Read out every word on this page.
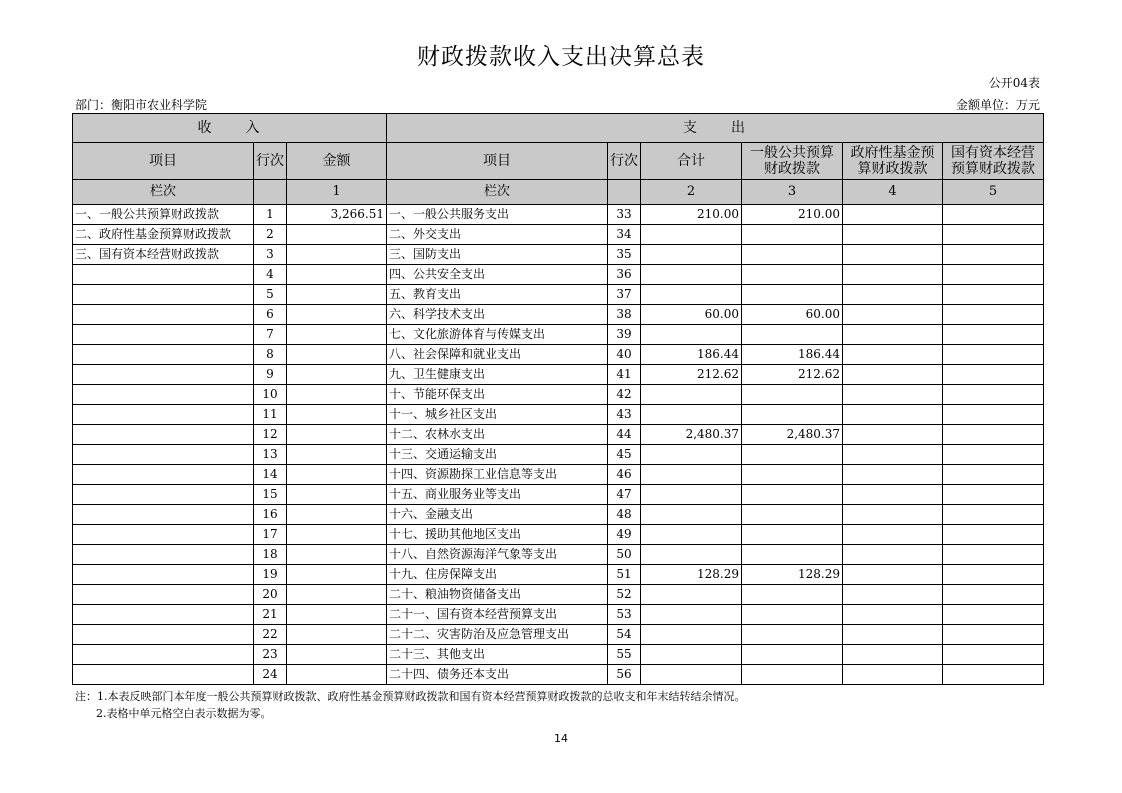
财政拨款收入支出决算总表
公开04表
部门：衡阳市农业科学院	金额单位：万元
收　　入			支　　出					
项目	行次	金额	项目	行次	合计	一般公共预算财政拨款	政府性基金预算财政拨款	国有资本经营预算财政拨款
栏次		1	栏次		2	3	4	5
一、一般公共预算财政拨款	1	3,266.51	一、一般公共服务支出	33	210.00	210.00		
二、政府性基金预算财政拨款	2		二、外交支出	34				
三、国有资本经营财政拨款	3		三、国防支出	35				
	4		四、公共安全支出	36				
	5		五、教育支出	37				
	6		六、科学技术支出	38	60.00	60.00		
	7		七、文化旅游体育与传媒支出	39				
	8		八、社会保障和就业支出	40	186.44	186.44		
	9		九、卫生健康支出	41	212.62	212.62		
	10		十、节能环保支出	42				
	11		十一、城乡社区支出	43				
	12		十二、农林水支出	44	2,480.37	2,480.37		
	13		十三、交通运输支出	45				
	14		十四、资源勘探工业信息等支出	46				
	15		十五、商业服务业等支出	47				
	16		十六、金融支出	48				
	17		十七、援助其他地区支出	49				
	18		十八、自然资源海洋气象等支出	50				
	19		十九、住房保障支出	51	128.29	128.29		
	20		二十、粮油物资储备支出	52				
	21		二十一、国有资本经营预算支出	53				
	22		二十二、灾害防治及应急管理支出	54				
	23		二十三、其他支出	55				
	24		二十四、债务还本支出	56				
注：1.本表反映部门本年度一般公共预算财政拨款、政府性基金预算财政拨款和国有资本经营预算财政拨款的总收支和年末结转结余情况。
2.表格中单元格空白表示数据为零。
14
